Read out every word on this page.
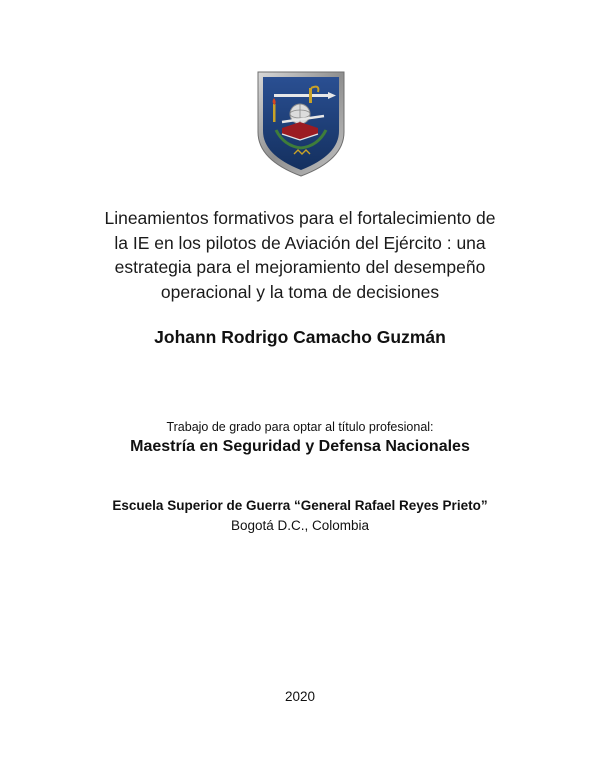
Lineamientos formativos para el fortalecimiento de
la IE en los pilotos de Aviación del Ejército : una
estrategia para el mejoramiento del desempeño
operacional y la toma de decisiones
Johann Rodrigo Camacho Guzmán
Trabajo de grado para optar al título profesional:
Maestría en Seguridad y Defensa Nacionales
Escuela Superior de Guerra “General Rafael Reyes Prieto”
Bogotá D.C., Colombia
2020
